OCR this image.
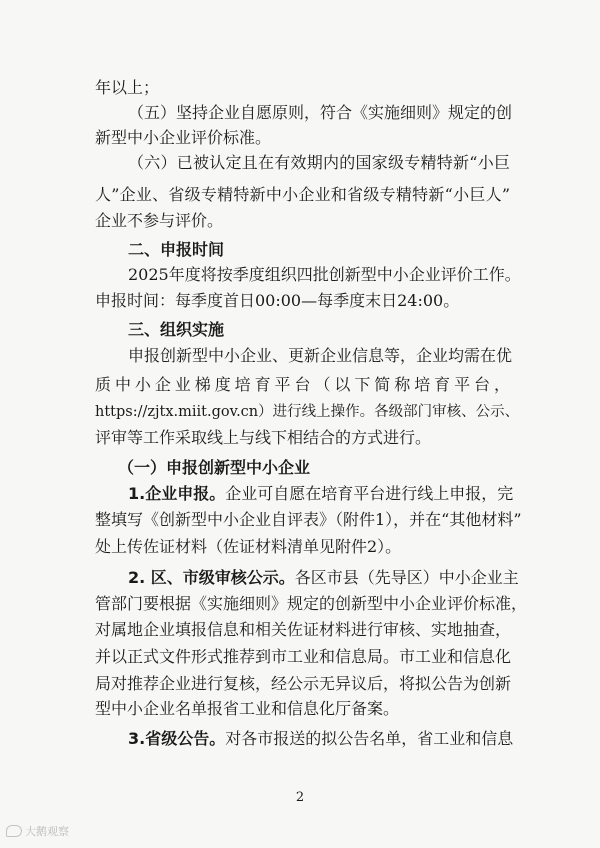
年以上；
（五）坚持企业自愿原则，符合《实施细则》规定的创
新型中小企业评价标准。
（六）已被认定且在有效期内的国家级专精特新“小巨
人”企业、省级专精特新中小企业和省级专精特新“小巨人”
企业不参与评价。
二、申报时间
2025年度将按季度组织四批创新型中小企业评价工作。
申报时间：每季度首日00:00—每季度末日24:00。
三、组织实施
申报创新型中小企业、更新企业信息等，企业均需在优
质中小企业梯度培育平台（以下简称培育平台，
https://zjtx.miit.gov.cn）进行线上操作。各级部门审核、公示、
评审等工作采取线上与线下相结合的方式进行。
（一）申报创新型中小企业
1.企业申报。企业可自愿在培育平台进行线上申报，完
整填写《创新型中小企业自评表》（附件1），并在“其他材料”
处上传佐证材料（佐证材料清单见附件2）。
2. 区、市级审核公示。各区市县（先导区）中小企业主
管部门要根据《实施细则》规定的创新型中小企业评价标准，
对属地企业填报信息和相关佐证材料进行审核、实地抽查，
并以正式文件形式推荐到市工业和信息局。市工业和信息化
局对推荐企业进行复核，经公示无异议后，将拟公告为创新
型中小企业名单报省工业和信息化厅备案。
3.省级公告。对各市报送的拟公告名单，省工业和信息
2
大鹅观察
